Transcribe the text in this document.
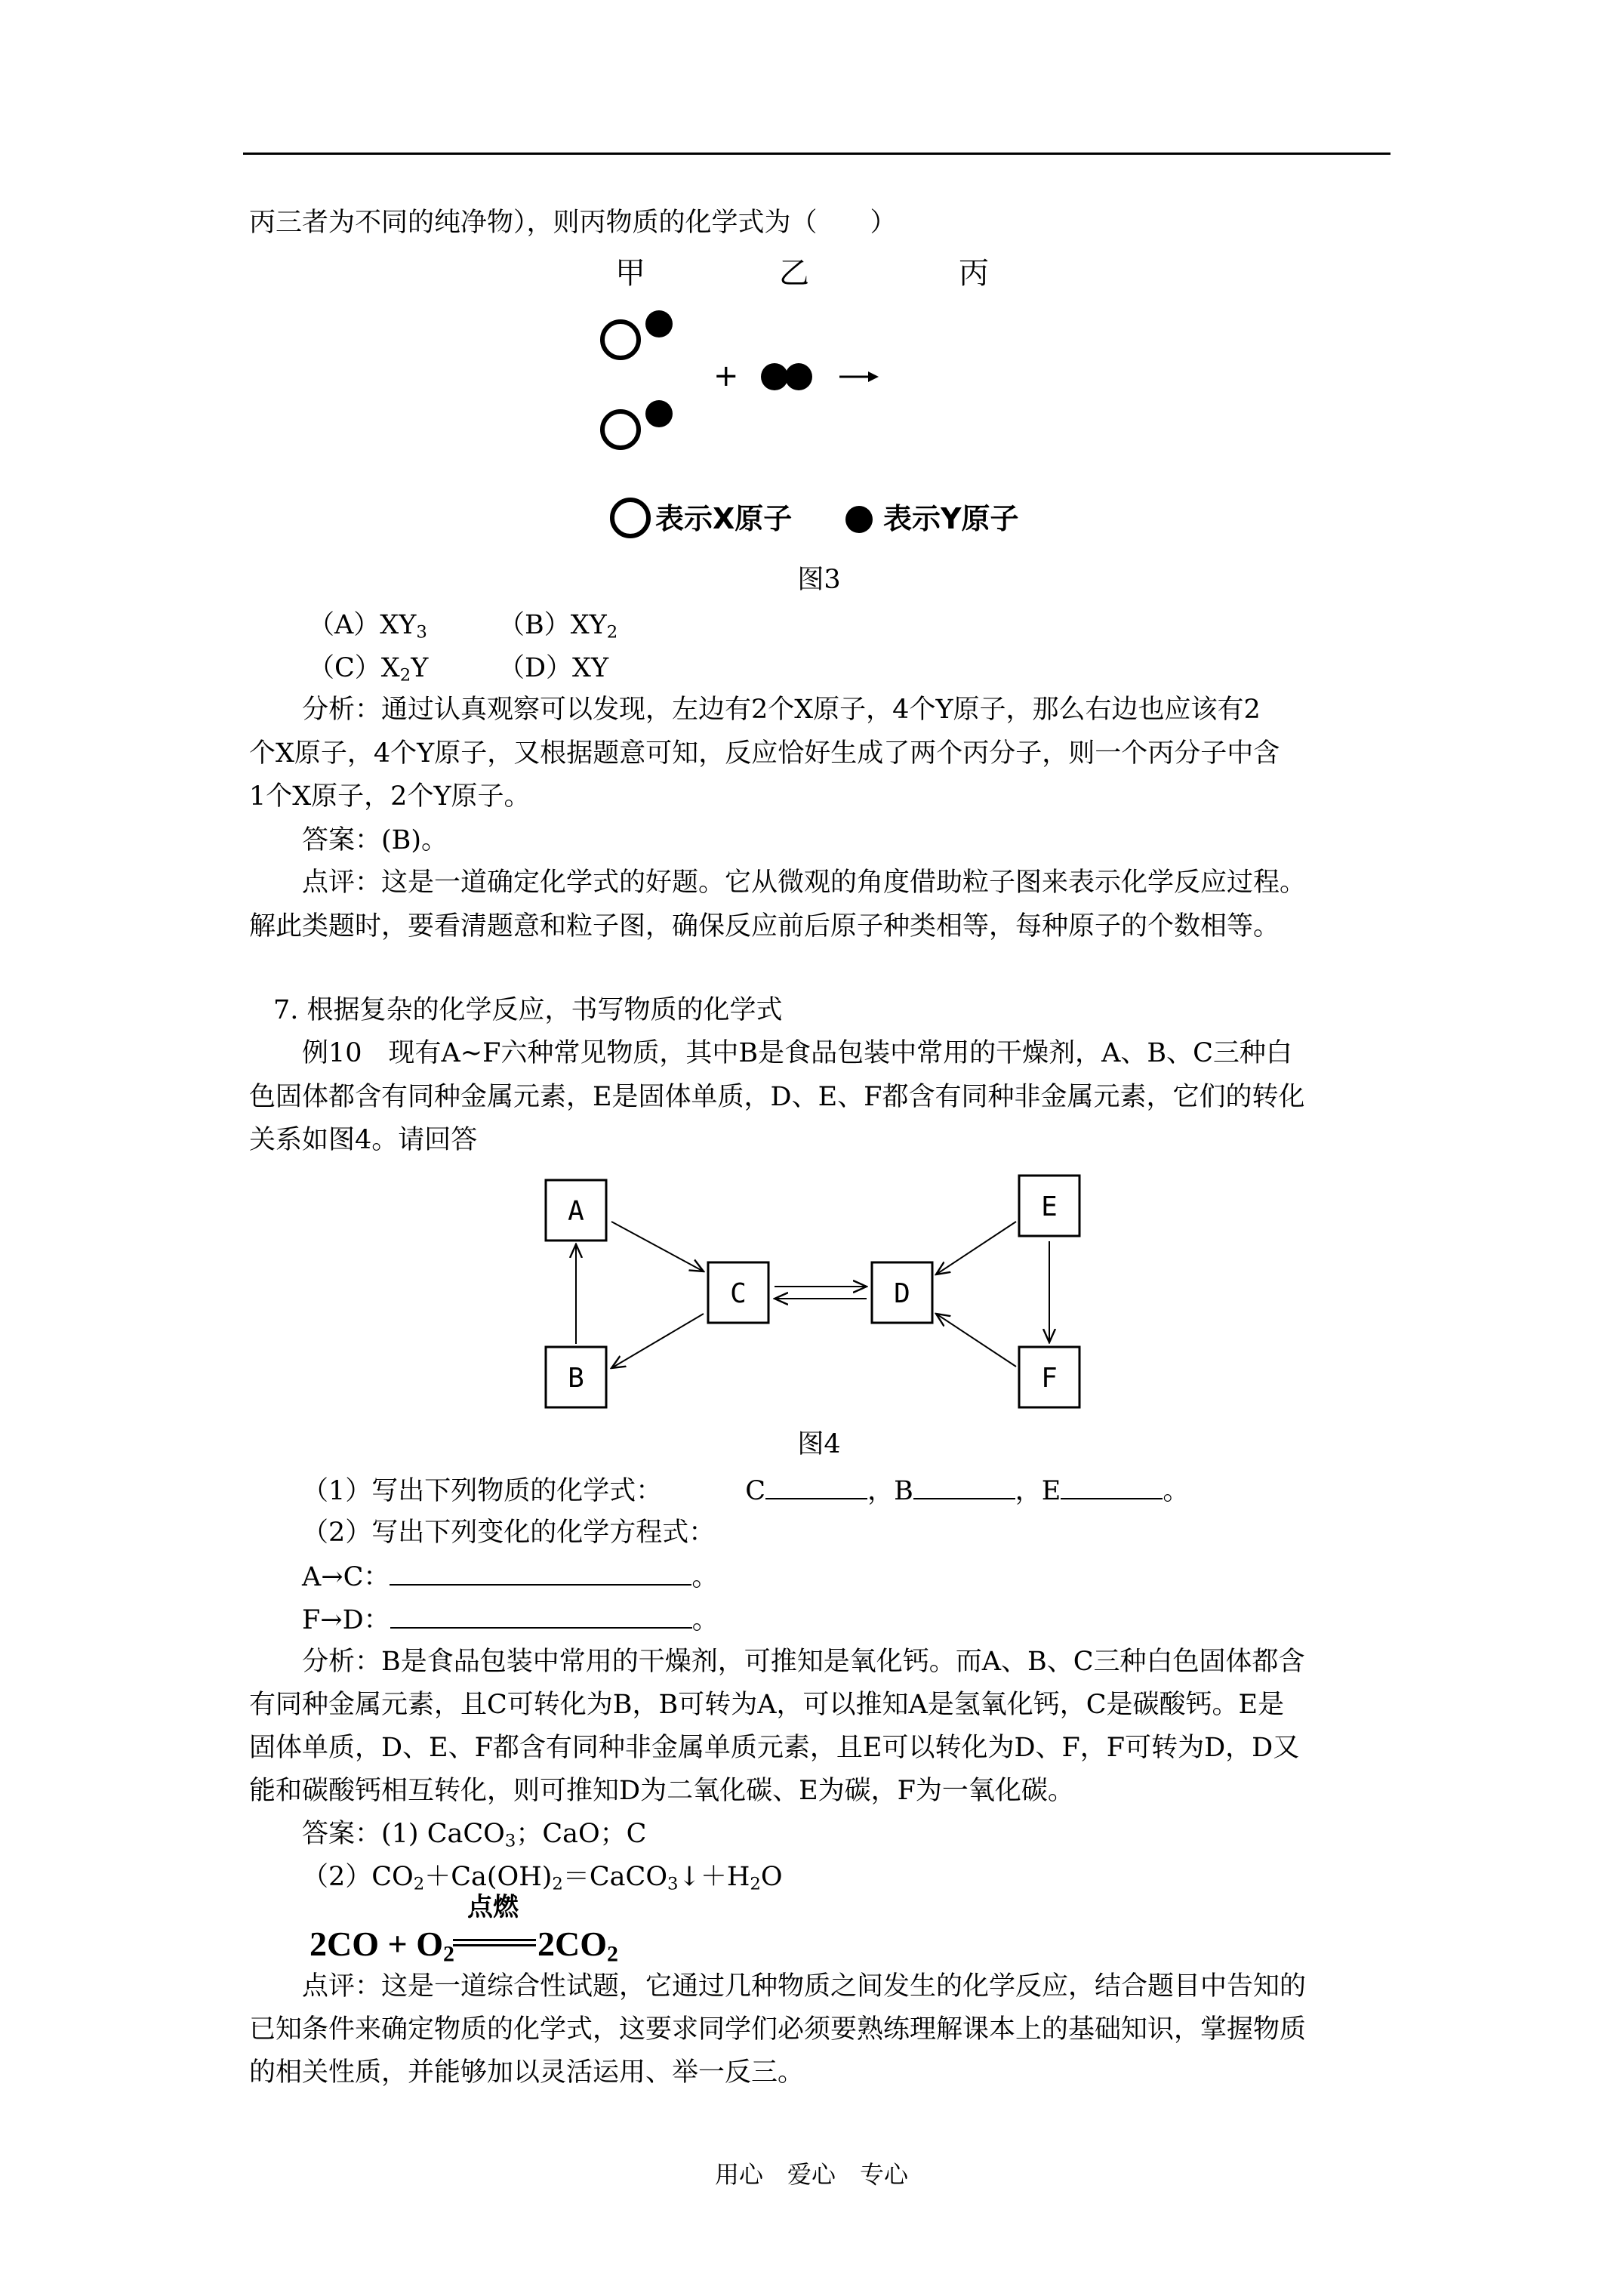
丙三者为不同的纯净物），则丙物质的化学式为（　　）
甲	乙	丙
+
表示X原子	表示Y原子
图3
$(A)XY_3$	$(B)XY_2$
$(C)X_2Y$	（D）XY
分析：通过认真观察可以发现，左边有2个X原子，4个Y原子，那么右边也应该有2
个X原子，4个Y原子，又根据题意可知，反应恰好生成了两个丙分子，则一个丙分子中含
1个X原子，2个Y原子。
答案：(B)。
点评：这是一道确定化学式的好题。它从微观的角度借助粒子图来表示化学反应过程。
解此类题时，要看清题意和粒子图，确保反应前后原子种类相等，每种原子的个数相等。
7. 根据复杂的化学反应，书写物质的化学式
例10　现有A~F六种常见物质，其中B是食品包装中常用的干燥剂，A、B、C三种白
色固体都含有同种金属元素，E是固体单质，D、E、F都含有同种非金属元素，它们的转化
关系如图4。请回答
A
B
C	D
E
F
图4
（1）写出下列物质的化学式：	C	，B	，E	。
（2）写出下列变化的化学方程式：
A→C：	。
F→D：	。
分析：B是食品包装中常用的干燥剂，可推知是氧化钙。而A、B、C三种白色固体都含
有同种金属元素，且C可转化为B，B可转为A，可以推知A是氢氧化钙，C是碳酸钙。E是
固体单质，D、E、F都含有同种非金属单质元素，且E可以转化为D、F，F可转为D，D又
能和碳酸钙相互转化，则可推知D为二氧化碳、E为碳，F为一氧化碳。
答案：(1) CaCO$_3$；CaO；C
$(2)CO_2+Ca(OH)_2=CaCO_3↓+H_2O$
$2CO + O_2$
点燃
$2CO_2$
点评：这是一道综合性试题，它通过几种物质之间发生的化学反应，结合题目中告知的
已知条件来确定物质的化学式，这要求同学们必须要熟练理解课本上的基础知识，掌握物质
的相关性质，并能够加以灵活运用、举一反三。
用心　爱心　专心
